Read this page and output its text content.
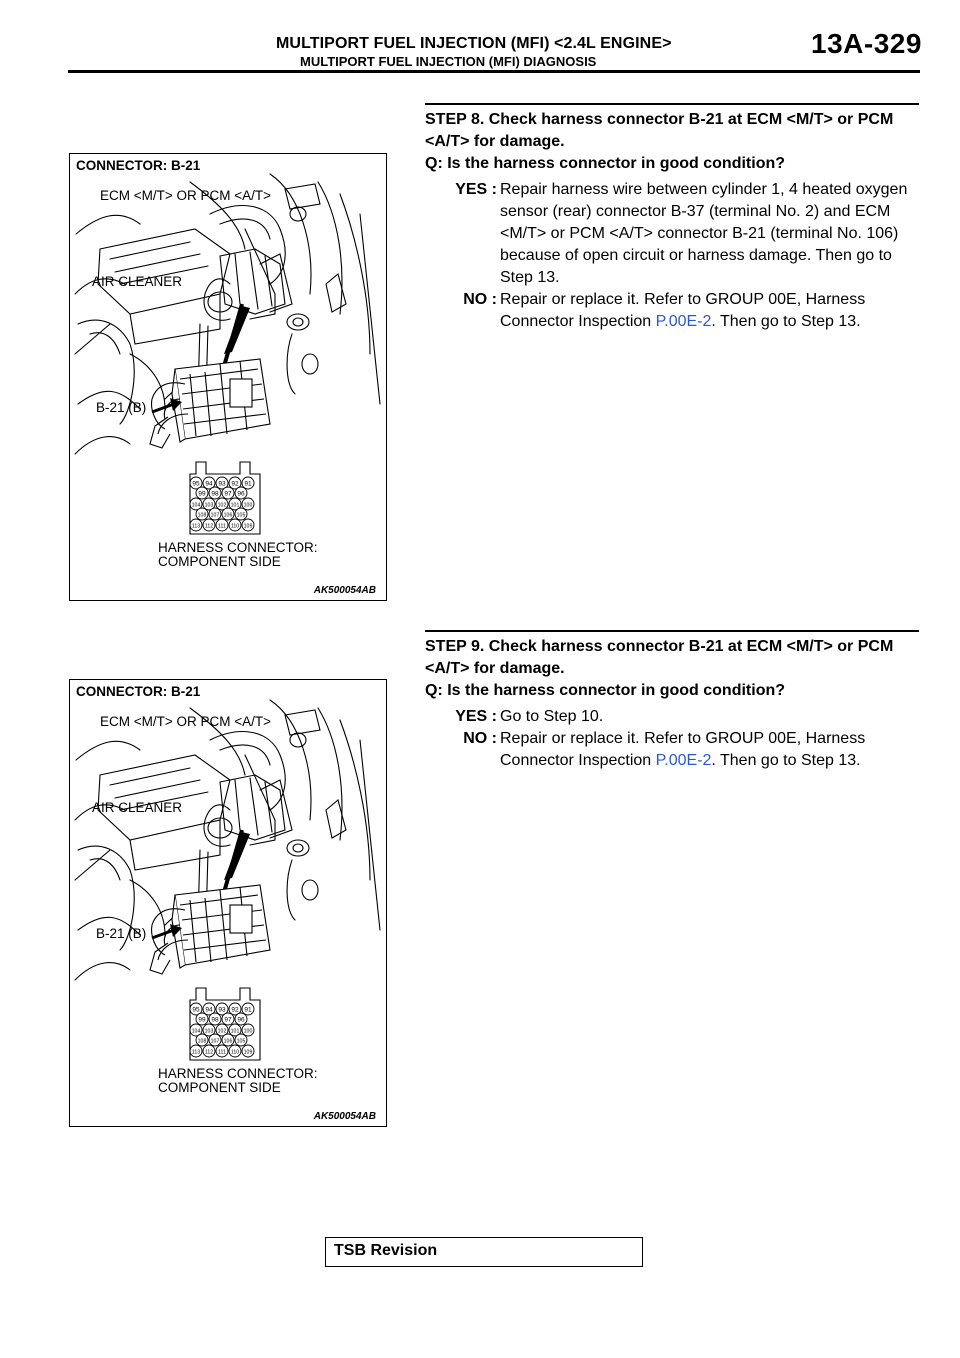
MULTIPORT FUEL INJECTION (MFI) <2.4L ENGINE>
MULTIPORT FUEL INJECTION (MFI) DIAGNOSIS
13A-329
95 94 93 92 91
99 98 97 96
104 103 102 101 100
108 107 106 105
113 112 111 110 109
CONNECTOR: B-21
ECM <M/T> OR PCM <A/T>
AIR CLEANER
B-21 (B)
HARNESS CONNECTOR:
COMPONENT SIDE
AK500054AB
95 94 93 92 91
99 98 97 96
104 103 102 101 100
108 107 106 105
113 112 111 110 109
CONNECTOR: B-21
ECM <M/T> OR PCM <A/T>
AIR CLEANER
B-21 (B)
HARNESS CONNECTOR:
COMPONENT SIDE
AK500054AB
STEP 8. Check harness connector B-21 at ECM <M/T> or PCM <A/T> for damage.
Q: Is the harness connector in good condition?
YES : Repair harness wire between cylinder 1, 4 heated oxygen sensor (rear) connector B-37 (terminal No. 2) and ECM <M/T> or PCM <A/T> connector B-21 (terminal No. 106) because of open circuit or harness damage. Then go to Step 13.
NO : Repair or replace it. Refer to GROUP 00E, Harness Connector Inspection P.00E-2. Then go to Step 13.
STEP 9. Check harness connector B-21 at ECM <M/T> or PCM <A/T> for damage.
Q: Is the harness connector in good condition?
YES : Go to Step 10.
NO : Repair or replace it. Refer to GROUP 00E, Harness Connector Inspection P.00E-2. Then go to Step 13.
TSB Revision
